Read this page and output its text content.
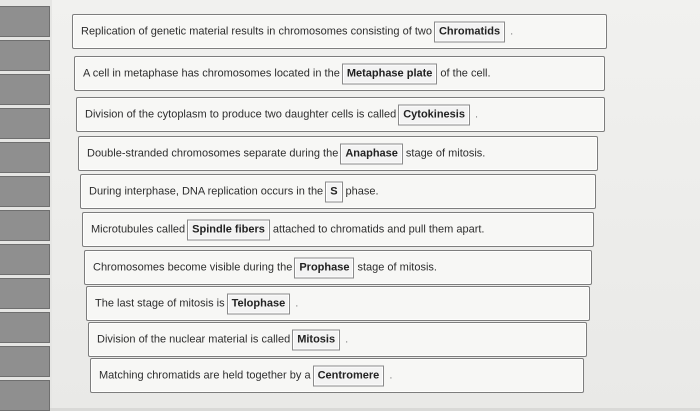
Replication of genetic material results in chromosomes consisting of two Chromatids .
A cell in metaphase has chromosomes located in the Metaphase plate of the cell.
Division of the cytoplasm to produce two daughter cells is called Cytokinesis .
Double-stranded chromosomes separate during the Anaphase stage of mitosis.
During interphase, DNA replication occurs in the S phase.
Microtubules called Spindle fibers attached to chromatids and pull them apart.
Chromosomes become visible during the Prophase stage of mitosis.
The last stage of mitosis is Telophase .
Division of the nuclear material is called Mitosis .
Matching chromatids are held together by a Centromere .
